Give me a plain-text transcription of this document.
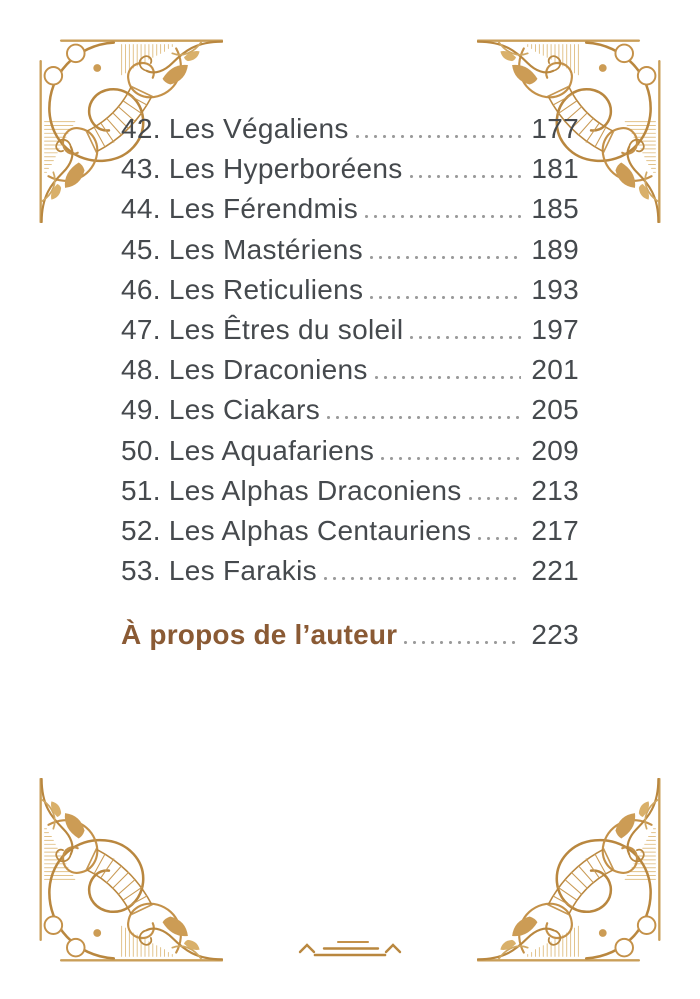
42. Les Végaliens	177
43. Les Hyperboréens	181
44. Les Férendmis	185
45. Les Mastériens	189
46. Les Reticuliens	193
47. Les Êtres du soleil	197
48. Les Draconiens	201
49. Les Ciakars	205
50. Les Aquafariens	209
51. Les Alphas Draconiens 213
52. Les Alphas Centauriens 217
53. Les Farakis	221
À propos de l’auteur	223
